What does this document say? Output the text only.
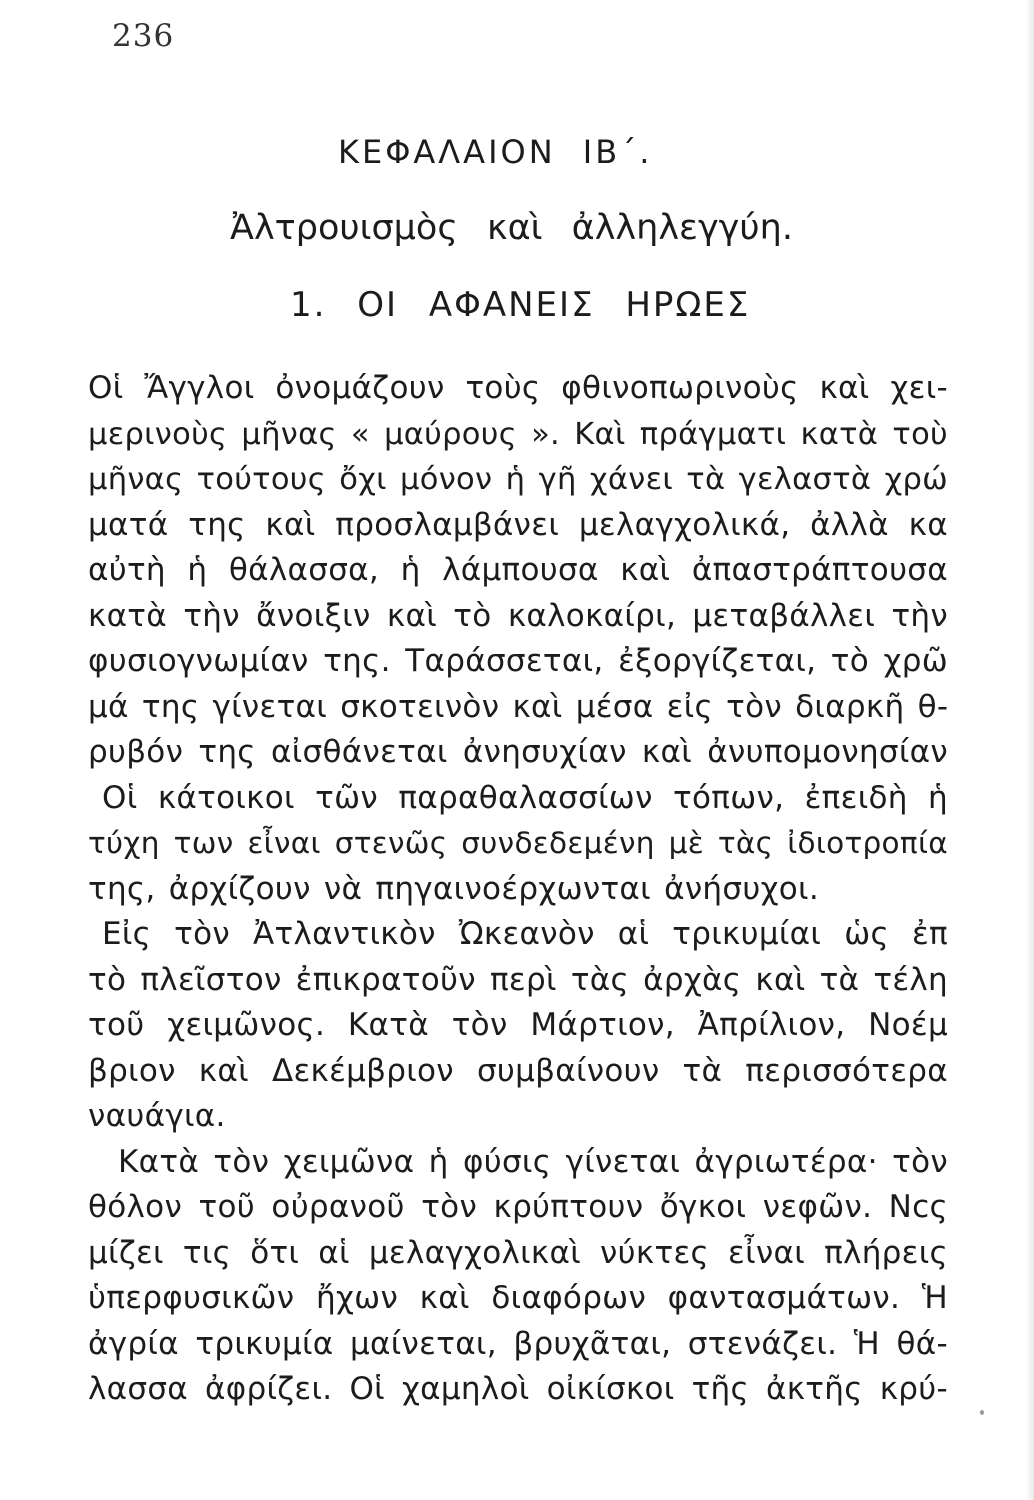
236
ΚΕΦΑΛΑΙΟΝ ΙΒ΄.
Ἀλτρουισμὸς καὶ ἀλληλεγγύη.
1. ΟΙ ΑΦΑΝΕΙΣ ΗΡΩΕΣ
Οἱ Ἄγγλοι ὀνομάζουν τοὺς φθινοπωρινοὺς καὶ χει-
μερινοὺς μῆνας « μαύρους ». Καὶ πράγματι κατὰ τοὺ
μῆνας τούτους ὄχι μόνον ἡ γῆ χάνει τὰ γελαστὰ χρώ
ματά της καὶ προσλαμβάνει μελαγχολικά, ἀλλὰ κα
αὐτὴ ἡ θάλασσα, ἡ λάμπουσα καὶ ἀπαστράπτουσα
κατὰ τὴν ἄνοιξιν καὶ τὸ καλοκαίρι, μεταβάλλει τὴν
φυσιογνωμίαν της. Ταράσσεται, ἐξοργίζεται, τὸ χρῶ
μά της γίνεται σκοτεινὸν καὶ μέσα εἰς τὸν διαρκῆ θ-
ρυβόν της αἰσθάνεται ἀνησυχίαν καὶ ἀνυπομονησίαν
Οἱ κάτοικοι τῶν παραθαλασσίων τόπων, ἐπειδὴ ἡ
τύχη των εἶναι στενῶς συνδεδεμένη μὲ τὰς ἰδιοτροπία
της, ἀρχίζουν νὰ πηγαινοέρχωνται ἀνήσυχοι.
Εἰς τὸν Ἀτλαντικὸν Ὠκεανὸν αἱ τρικυμίαι ὡς ἐπ
τὸ πλεῖστον ἐπικρατοῦν περὶ τὰς ἀρχὰς καὶ τὰ τέλη
τοῦ χειμῶνος. Κατὰ τὸν Μάρτιον, Ἀπρίλιον, Νοέμ
βριον καὶ Δεκέμβριον συμβαίνουν τὰ περισσότερα
ναυάγια.
Κατὰ τὸν χειμῶνα ἡ φύσις γίνεται ἀγριωτέρα· τὸν
θόλον τοῦ οὐρανοῦ τὸν κρύπτουν ὄγκοι νεφῶν. Νcς
μίζει τις ὅτι αἱ μελαγχολικαὶ νύκτες εἶναι πλήρεις
ὑπερφυσικῶν ἤχων καὶ διαφόρων φαντασμάτων. Ἡ
ἀγρία τρικυμία μαίνεται, βρυχᾶται, στενάζει. Ἡ θά-
λασσα ἀφρίζει. Οἱ χαμηλοὶ οἰκίσκοι τῆς ἀκτῆς κρύ-
